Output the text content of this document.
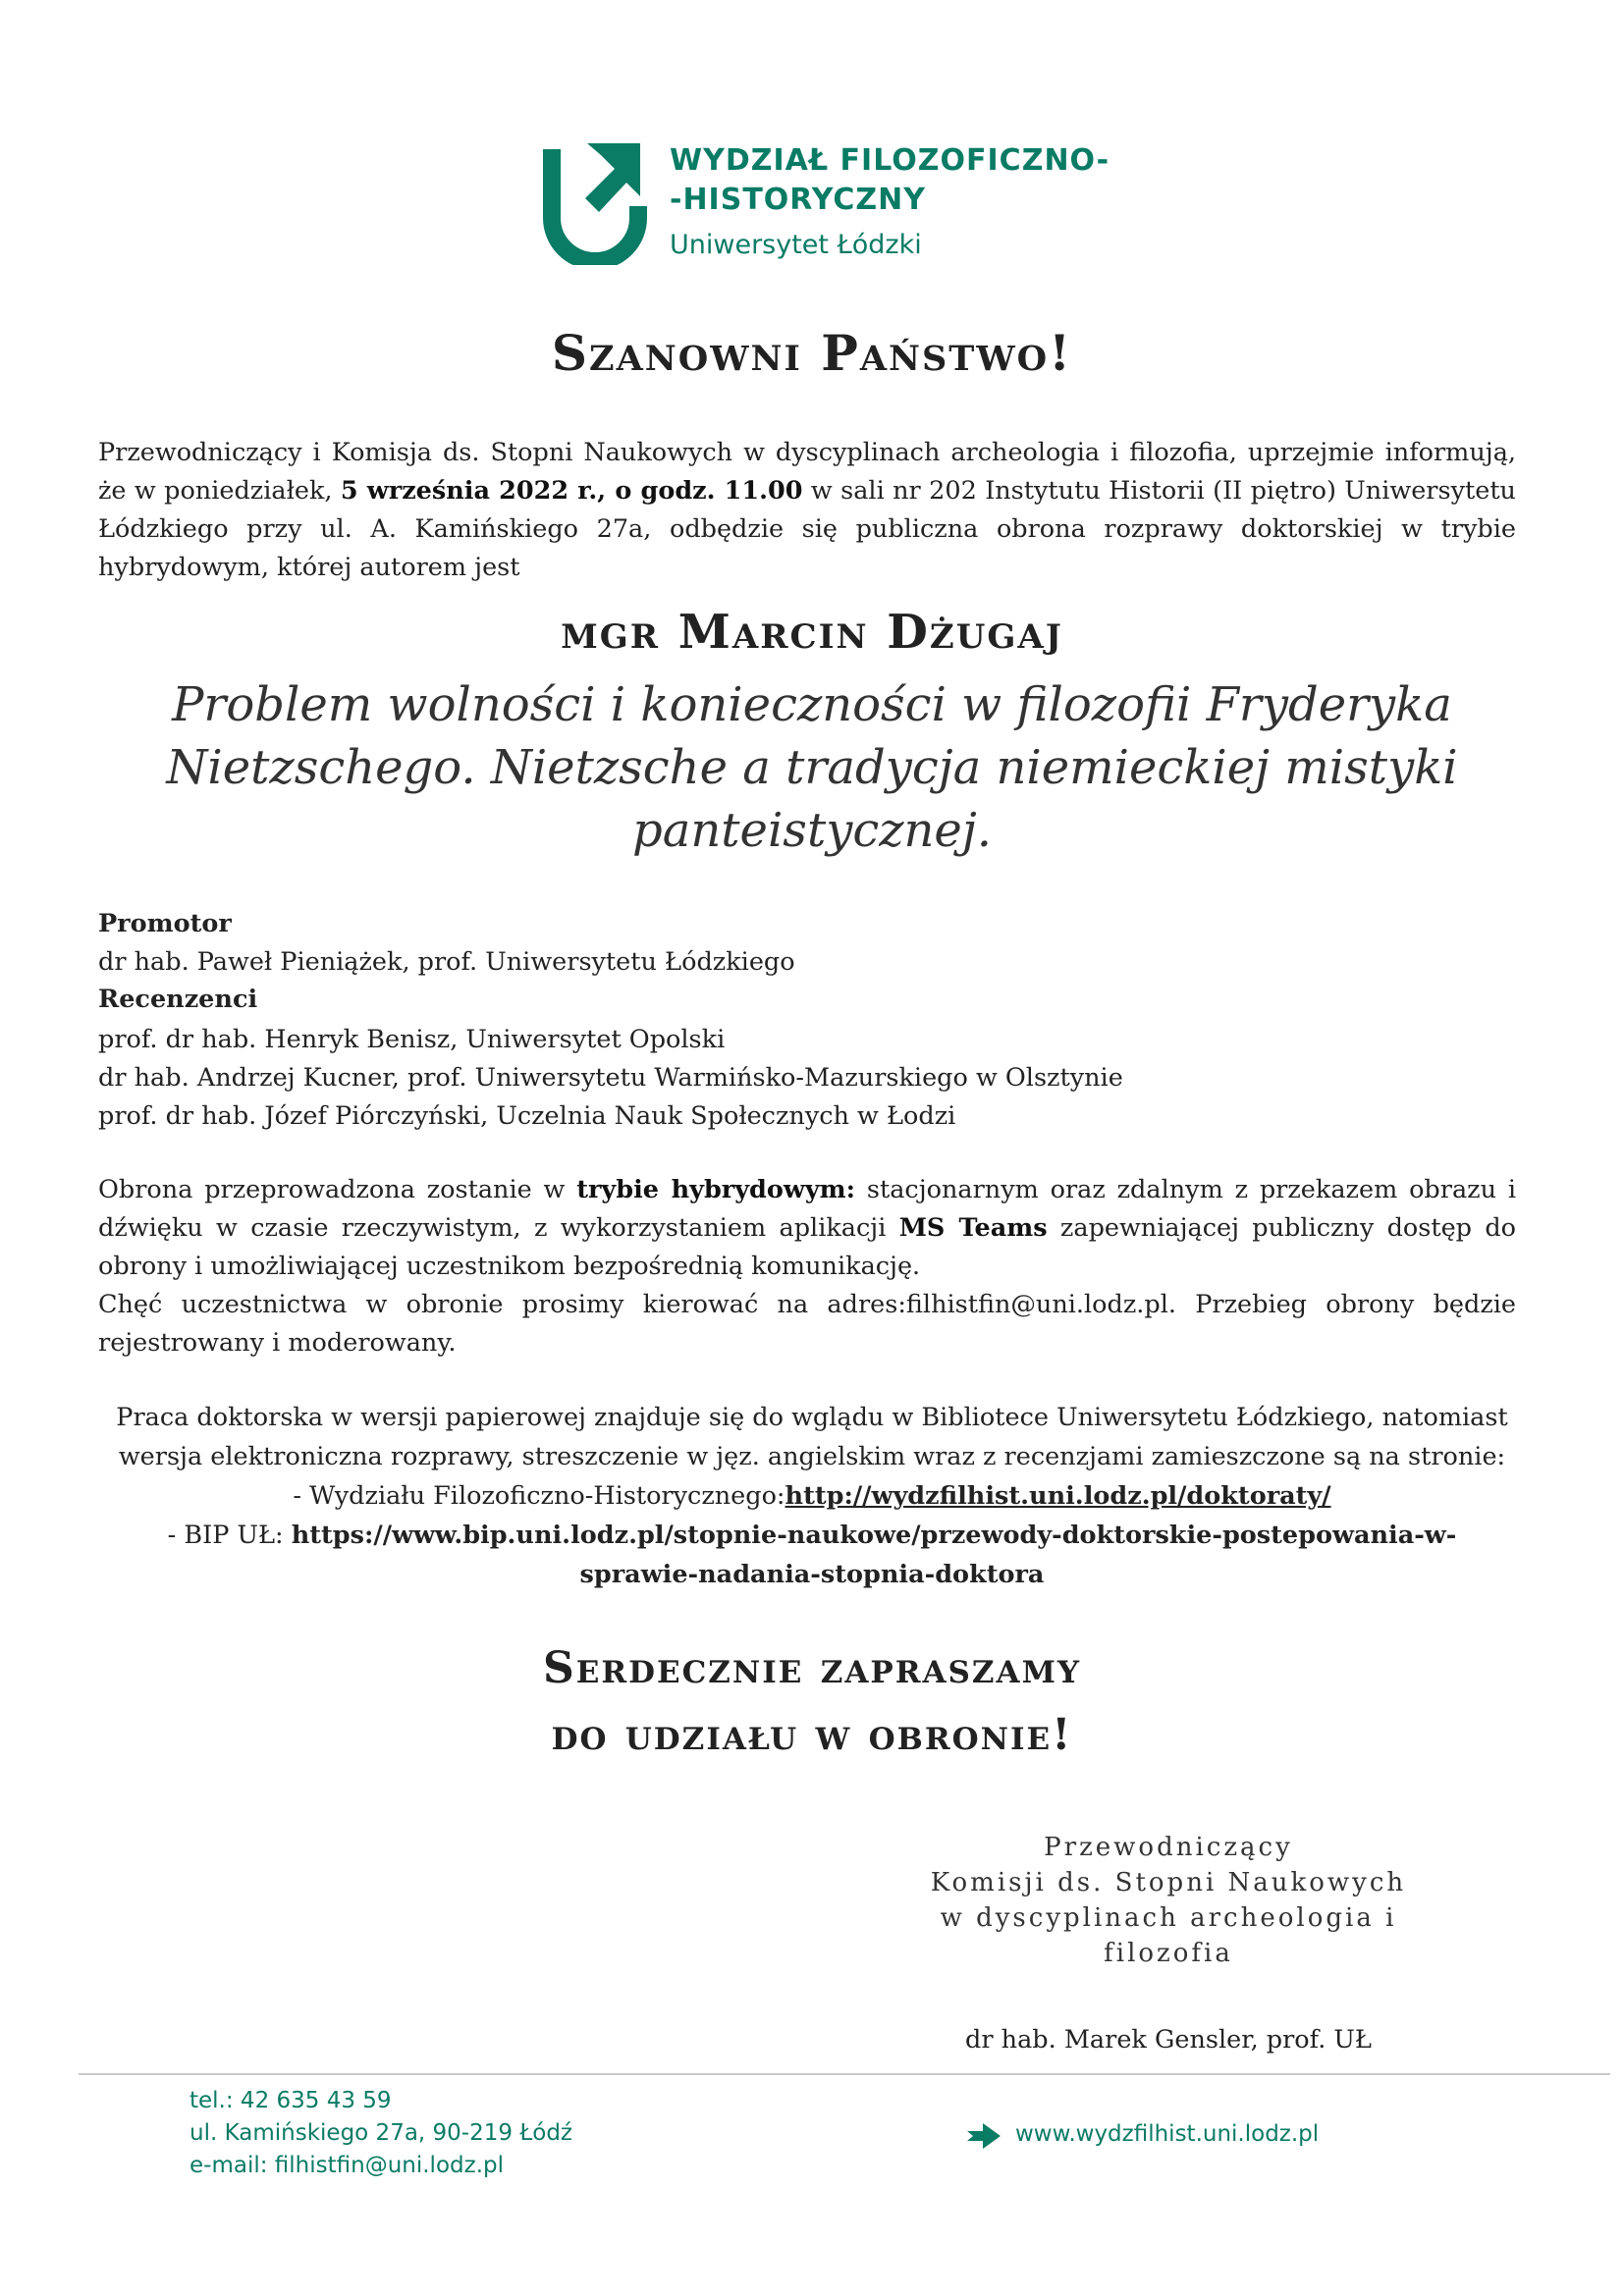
WYDZIAŁ FILOZOFICZNO-
-HISTORYCZNY
Uniwersytet Łódzki
Szanowni Państwo!
Przewodniczący i Komisja ds. Stopni Naukowych w dyscyplinach archeologia i filozofia, uprzejmie informują, że w poniedziałek, 5 września 2022 r., o godz. 11.00 w sali nr 202 Instytutu Historii (II piętro) Uniwersytetu Łódzkiego przy ul. A. Kamińskiego 27a, odbędzie się publiczna obrona rozprawy doktorskiej w trybie hybrydowym, której autorem jest
mgr Marcin Dżugaj
Problem wolności i konieczności w filozofii Fryderyka Nietzschego. Nietzsche a tradycja niemieckiej mistyki panteistycznej.
Promotor
dr hab. Paweł Pieniążek, prof. Uniwersytetu Łódzkiego
Recenzenci
prof. dr hab. Henryk Benisz, Uniwersytet Opolski
dr hab. Andrzej Kucner, prof. Uniwersytetu Warmińsko-Mazurskiego w Olsztynie
prof. dr hab. Józef Piórczyński, Uczelnia Nauk Społecznych w Łodzi
Obrona przeprowadzona zostanie w trybie hybrydowym: stacjonarnym oraz zdalnym z przekazem obrazu i dźwięku w czasie rzeczywistym, z wykorzystaniem aplikacji MS Teams zapewniającej publiczny dostęp do obrony i umożliwiającej uczestnikom bezpośrednią komunikację.
Chęć uczestnictwa w obronie prosimy kierować na adres:filhistfin@uni.lodz.pl. Przebieg obrony będzie rejestrowany i moderowany.
Praca doktorska w wersji papierowej znajduje się do wglądu w Bibliotece Uniwersytetu Łódzkiego, natomiast
wersja elektroniczna rozprawy, streszczenie w jęz. angielskim wraz z recenzjami zamieszczone są na stronie:
- Wydziału Filozoficzno-Historycznego:http://wydzfilhist.uni.lodz.pl/doktoraty/
- BIP UŁ: https://www.bip.uni.lodz.pl/stopnie-naukowe/przewody-doktorskie-postepowania-w-
sprawie-nadania-stopnia-doktora
Serdecznie zapraszamy
do udziału w obronie!
Przewodniczący
Komisji ds. Stopni Naukowych
w dyscyplinach archeologia i filozofia
dr hab. Marek Gensler, prof. UŁ
tel.: 42 635 43 59
ul. Kamińskiego 27a, 90-219 Łódź
e-mail: filhistfin@uni.lodz.pl
www.wydzfilhist.uni.lodz.pl
